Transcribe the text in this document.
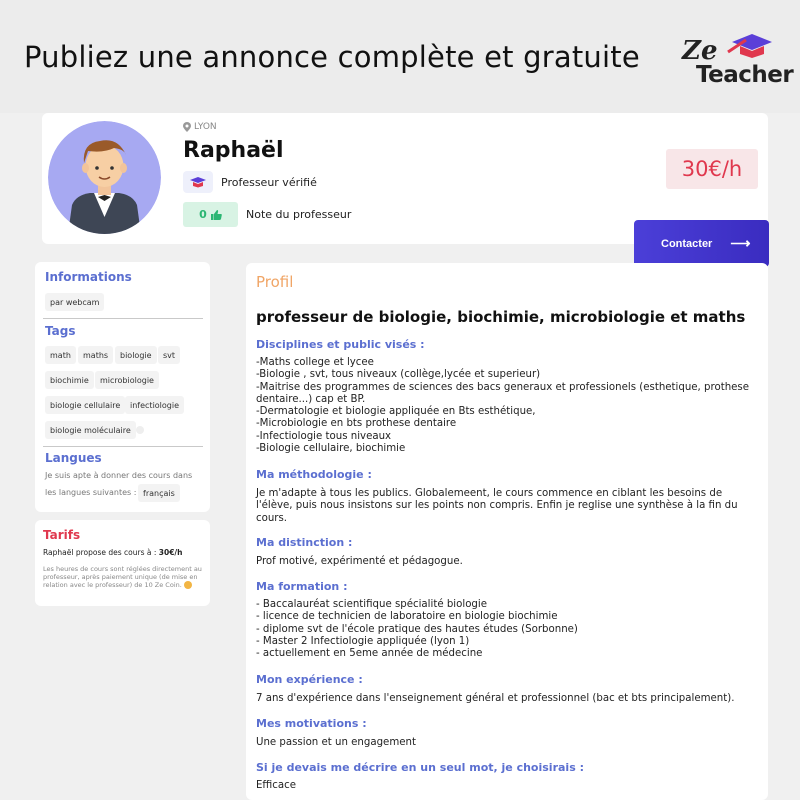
Publiez une annonce complète et gratuite Ze
Teacher
LYON
Raphaël
Professeur vérifié
0	Note du professeur
30€/h
Contacter ⟶
Informations
par webcam
Tags
math	maths	biologie	svt
biochimie	microbiologie
biologie cellulaire	infectiologie
biologie moléculaire
Langues
Je suis apte à donner des cours dans
les langues suivantes : français
Tarifs
Raphaël propose des cours à : 30€/h
Les heures de cours sont réglées directement au professeur, après paiement unique (de mise en relation avec le professeur) de 10 Ze Coin.
Profil
professeur de biologie, biochimie, microbiologie et maths
Disciplines et public visés :
-Maths college et lycee
-Biologie , svt, tous niveaux (collège,lycée et superieur)
-Maitrise des programmes de sciences des bacs generaux et professionels (esthetique, prothese dentaire...) cap et BP.
-Dermatologie et biologie appliquée en Bts esthétique,
-Microbiologie en bts prothese dentaire
-Infectiologie tous niveaux
-Biologie cellulaire, biochimie
Ma méthodologie :
Je m'adapte à tous les publics. Globalemeent, le cours commence en ciblant les besoins de l'élève, puis nous insistons sur les points non compris. Enfin je reglise une synthèse à la fin du cours.
Ma distinction :
Prof motivé, expérimenté et pédagogue.
Ma formation :
- Baccalauréat scientifique spécialité biologie
- licence de technicien de laboratoire en biologie biochimie
- diplome svt de l'école pratique des hautes études (Sorbonne)
- Master 2 Infectiologie appliquée (lyon 1)
- actuellement en 5eme année de médecine
Mon expérience :
7 ans d'expérience dans l'enseignement général et professionnel (bac et bts principalement).
Mes motivations :
Une passion et un engagement
Si je devais me décrire en un seul mot, je choisirais :
Efficace
